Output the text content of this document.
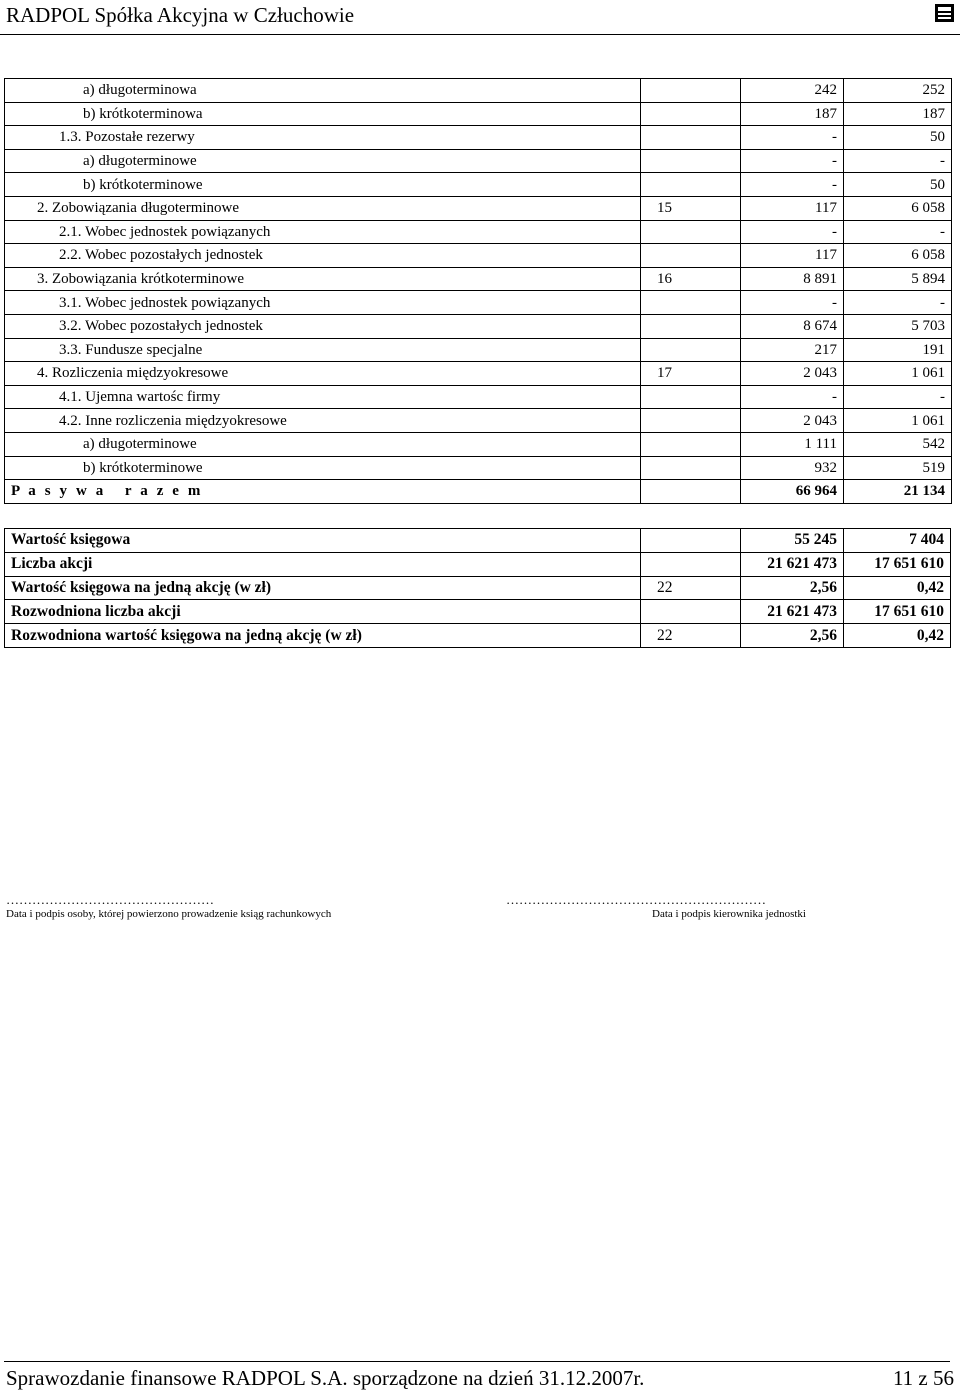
RADPOL Spółka Akcyjna w Człuchowie
a) długoterminowa		242	252
b) krótkoterminowa		187	187
1.3. Pozostałe rezerwy		-	50
a) długoterminowe		-	-
b) krótkoterminowe		-	50
2. Zobowiązania długoterminowe	15	117	6 058
2.1. Wobec jednostek powiązanych		-	-
2.2. Wobec pozostałych jednostek		117	6 058
3. Zobowiązania krótkoterminowe	16	8 891	5 894
3.1. Wobec jednostek powiązanych		-	-
3.2. Wobec pozostałych jednostek		8 674	5 703
3.3. Fundusze specjalne		217	191
4. Rozliczenia międzyokresowe	17	2 043	1 061
4.1. Ujemna wartośc firmy		-	-
4.2. Inne rozliczenia międzyokresowe		2 043	1 061
a) długoterminowe		1 111	542
b) krótkoterminowe		932	519
P a s y w a   r a z e m		66 964	21 134
Wartość księgowa		55 245	7 404
Liczba akcji		21 621 473	17 651 610
Wartość księgowa na jedną akcję (w zł)	22	2,56	0,42
Rozwodniona liczba akcji		21 621 473	17 651 610
Rozwodniona wartość księgowa na jedną akcję (w zł)	22	2,56	0,42
…………………………………………
Data i podpis osoby, której powierzono prowadzenie ksiąg rachunkowych
……………………………………………………
Data i podpis kierownika jednostki
Sprawozdanie finansowe RADPOL S.A. sporządzone na dzień 31.12.2007r.	11 z 56
